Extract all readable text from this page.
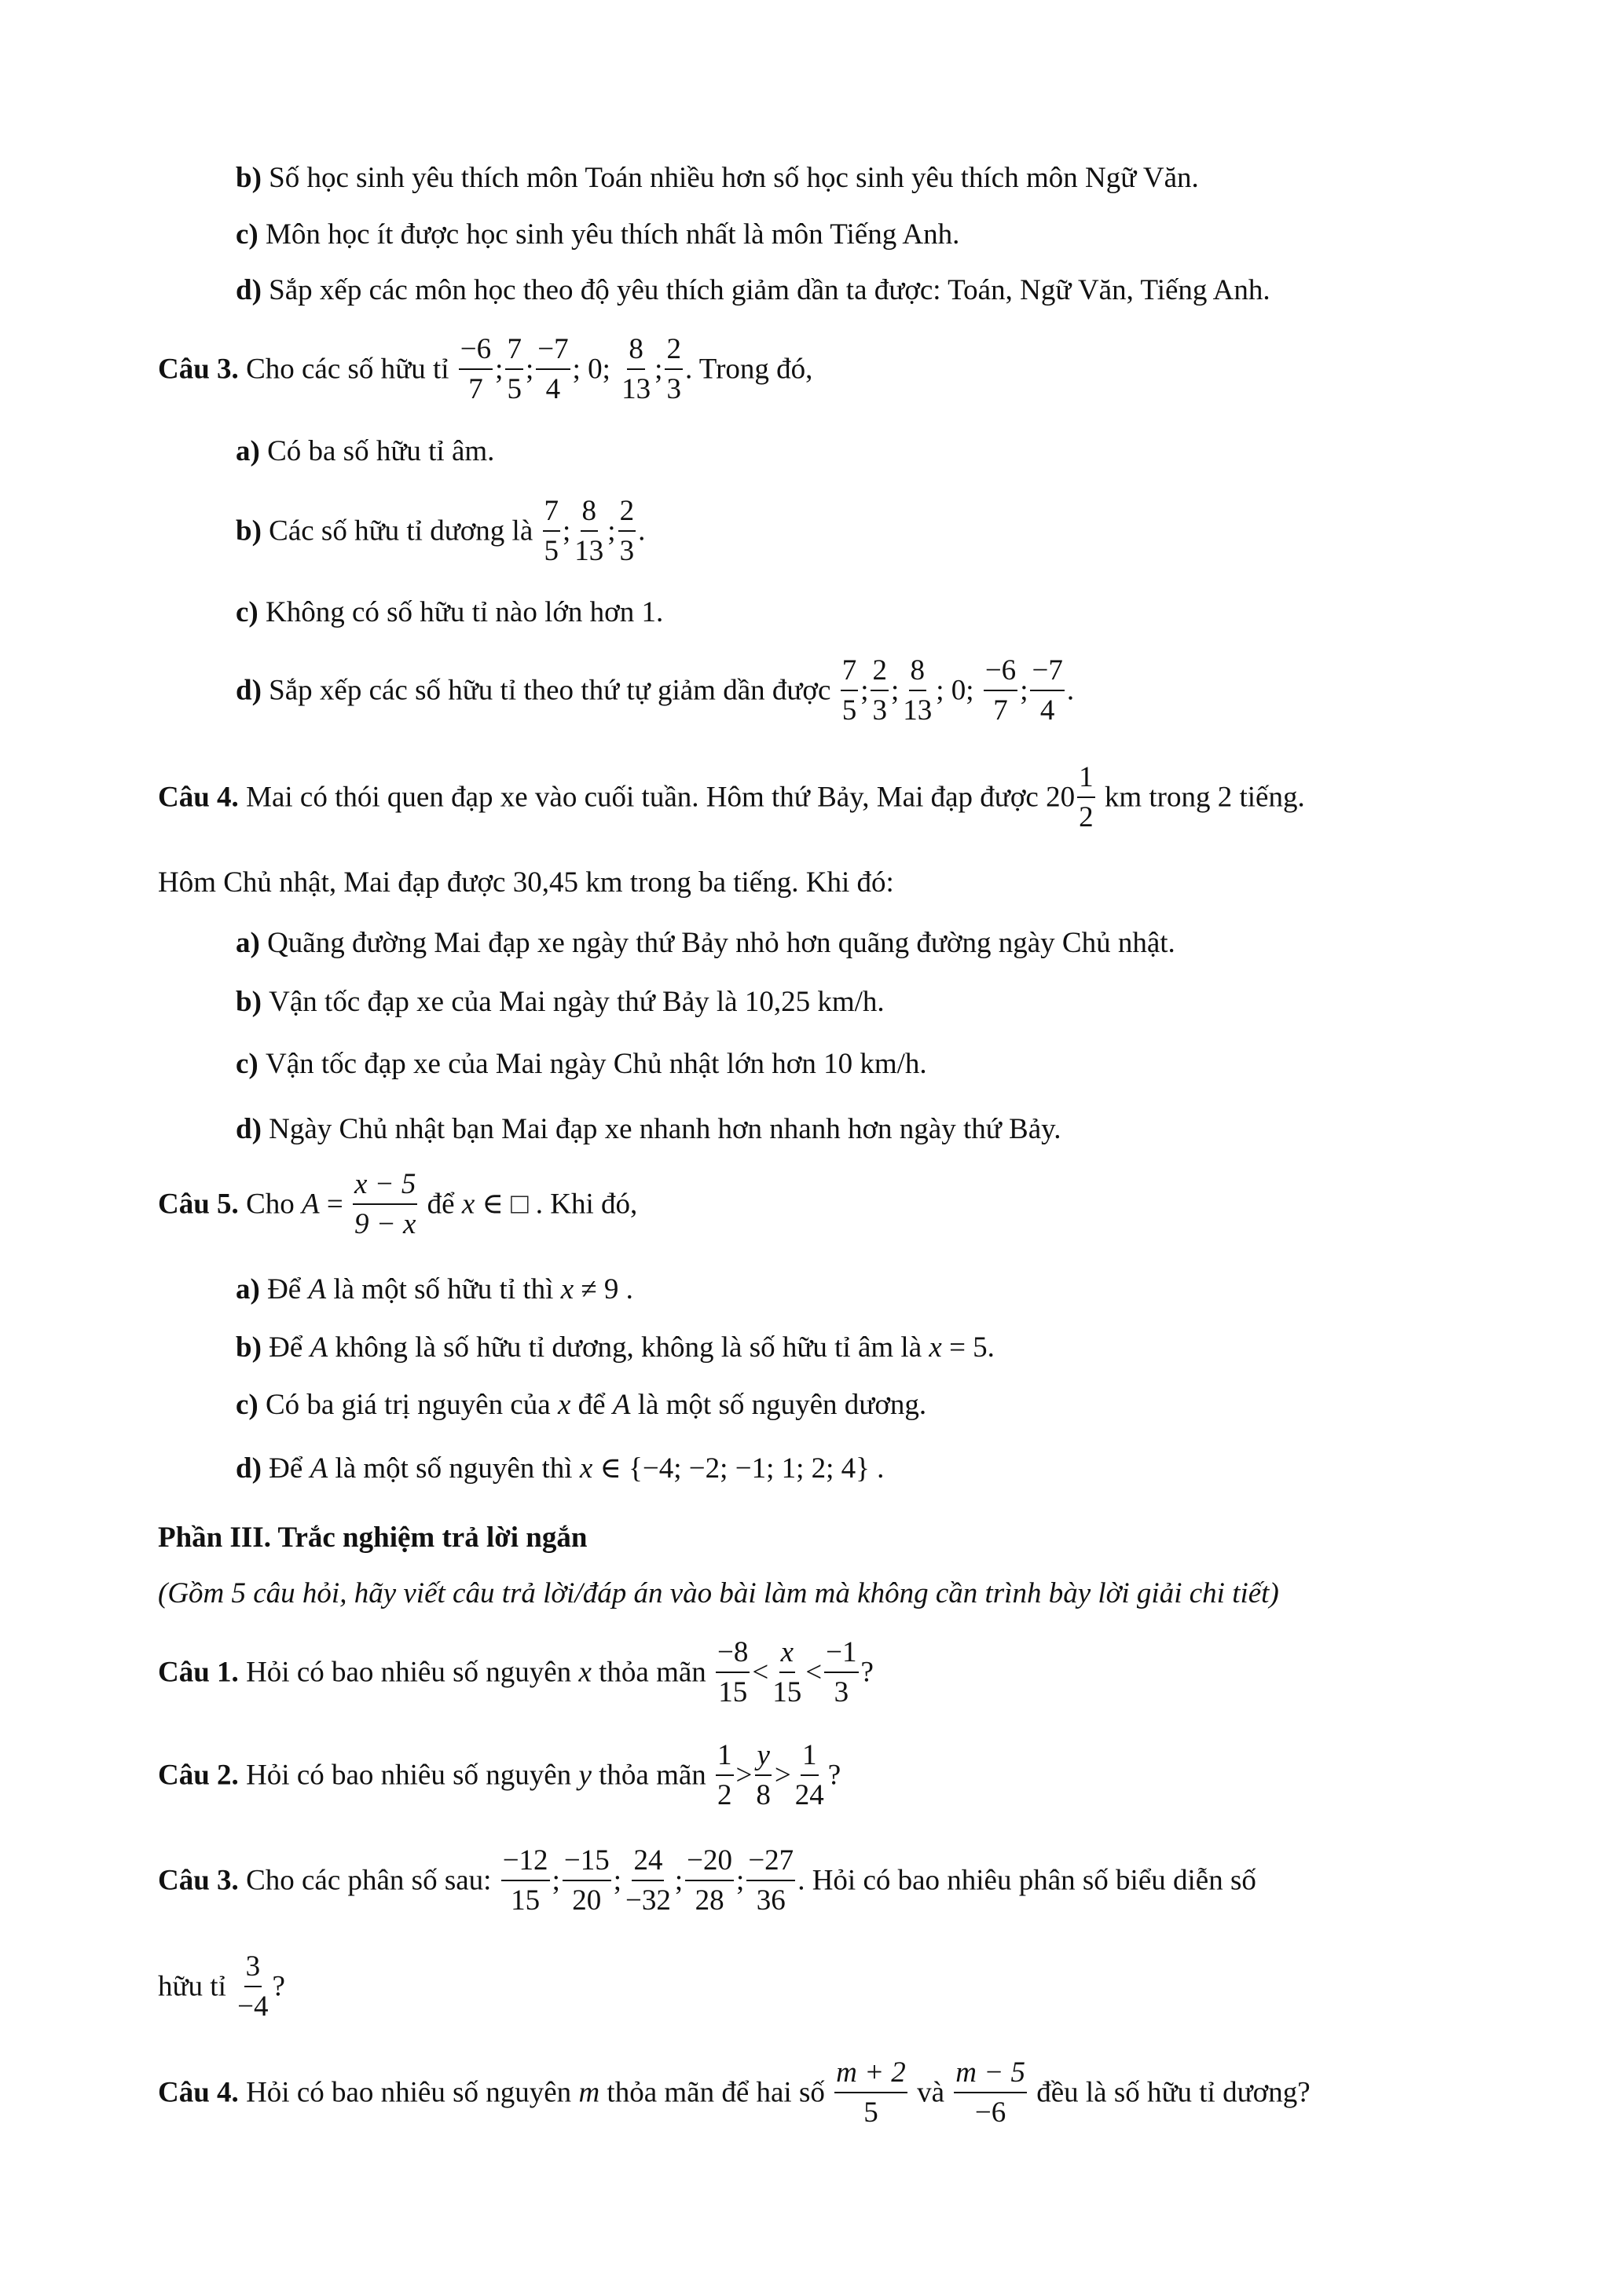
b) Số học sinh yêu thích môn Toán nhiều hơn số học sinh yêu thích môn Ngữ Văn.
c) Môn học ít được học sinh yêu thích nhất là môn Tiếng Anh.
d) Sắp xếp các môn học theo độ yêu thích giảm dần ta được: Toán, Ngữ Văn, Tiếng Anh.
Câu 3. Cho các số hữu tỉ $\frac{-6}{7}$ ; $\frac{7}{5}$ ; $\frac{-7}{4}$ ; 0; $\frac{8}{13}$ ; $\frac{2}{3}$ . Trong đó,
a) Có ba số hữu tỉ âm.
b) Các số hữu tỉ dương là $\frac{7}{5}$ ; $\frac{8}{13}$ ; $\frac{2}{3}$ .
c) Không có số hữu tỉ nào lớn hơn 1.
d) Sắp xếp các số hữu tỉ theo thứ tự giảm dần được $\frac{7}{5}$ ; $\frac{2}{3}$ ; $\frac{8}{13}$ ; 0; $\frac{-6}{7}$ ; $\frac{-7}{4}$ .
Câu 4. Mai có thói quen đạp xe vào cuối tuần. Hôm thứ Bảy, Mai đạp được $20 \frac{1}{2}$ km trong 2 tiếng.
Hôm Chủ nhật, Mai đạp được 30,45 km trong ba tiếng. Khi đó:
a) Quãng đường Mai đạp xe ngày thứ Bảy nhỏ hơn quãng đường ngày Chủ nhật.
b) Vận tốc đạp xe của Mai ngày thứ Bảy là 10,25 km/h.
c) Vận tốc đạp xe của Mai ngày Chủ nhật lớn hơn 10 km/h.
d) Ngày Chủ nhật bạn Mai đạp xe nhanh hơn nhanh hơn ngày thứ Bảy.
Câu 5. Cho $A = \frac{x - 5}{9 - x}$ để x ∈ □ . Khi đó,
a) Để A là một số hữu tỉ thì x ≠ 9 .
b) Để A không là số hữu tỉ dương, không là số hữu tỉ âm là x = 5.
c) Có ba giá trị nguyên của x để A là một số nguyên dương.
d) Để A là một số nguyên thì x ∈ {−4; −2; −1; 1; 2; 4} .
Phần III. Trắc nghiệm trả lời ngắn
(Gồm 5 câu hỏi, hãy viết câu trả lời/đáp án vào bài làm mà không cần trình bày lời giải chi tiết)
Câu 1. Hỏi có bao nhiêu số nguyên x thỏa mãn $\frac{-8}{15} < \frac{x}{15} < \frac{-1}{3}$ ?
Câu 2. Hỏi có bao nhiêu số nguyên y thỏa mãn $\frac{1}{2} > \frac{y}{8} > \frac{1}{24}$ ?
Câu 3. Cho các phân số sau: $\frac{-12}{15}$ ; $\frac{-15}{20}$ ; $\frac{24}{-32}$ ; $\frac{-20}{28}$ ; $\frac{-27}{36}$ . Hỏi có bao nhiêu phân số biểu diễn số
hữu tỉ $\frac{3}{-4}$ ?
Câu 4. Hỏi có bao nhiêu số nguyên m thỏa mãn để hai số $\frac{m + 2}{5}$ và $\frac{m - 5}{-6}$ đều là số hữu tỉ dương?
